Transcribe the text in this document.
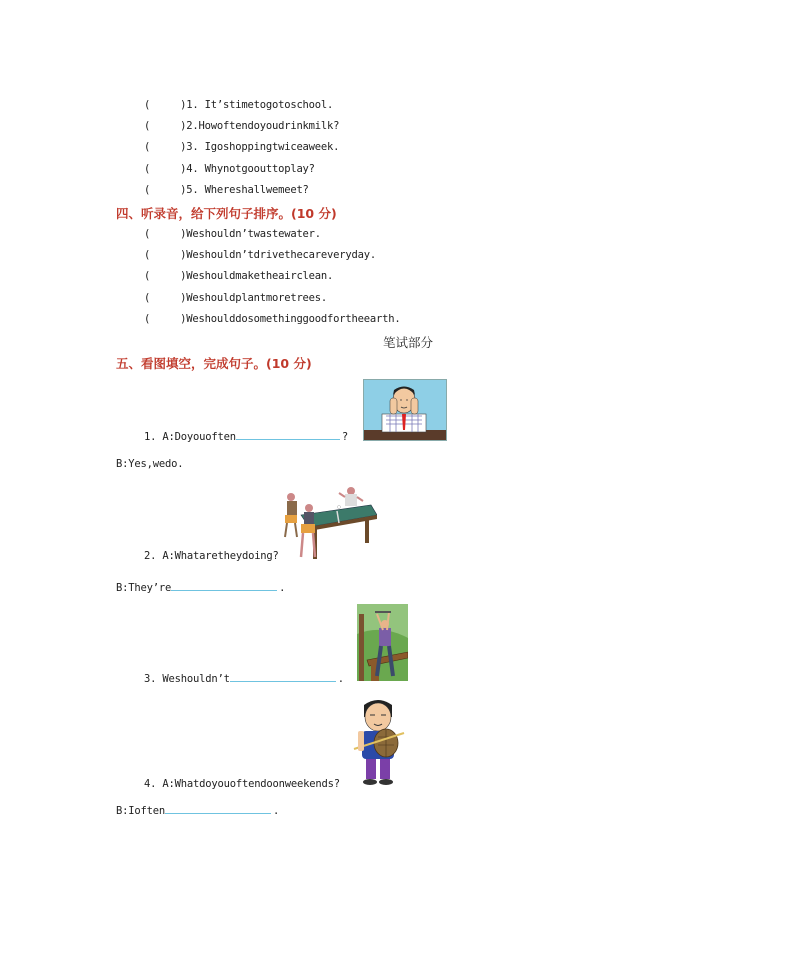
(	)1. It’stimetogotoschool.
(	)2.Howoftendoyoudrinkmilk?
(	)3. Igoshoppingtwiceaweek.
(	)4. Whynotgoouttoplay?
(	)5. Whereshallwemeet?
四、听录音，给下列句子排序。(10 分)
(	)Weshouldn’twastewater.
(	)Weshouldn’tdrivethecareveryday.
(	)Weshouldmaketheairclean.
(	)Weshouldplantmoretrees.
(	)Weshoulddosomethinggoodfortheearth.
笔试部分
五、看图填空，完成句子。(10 分)
1. A:Doyouoften	?
B:Yes,wedo.
2. A:Whataretheydoing?
B:They’re	.
3. Weshouldn’t	.
4. A:Whatdoyouoftendoonweekends?
B:Ioften	.
